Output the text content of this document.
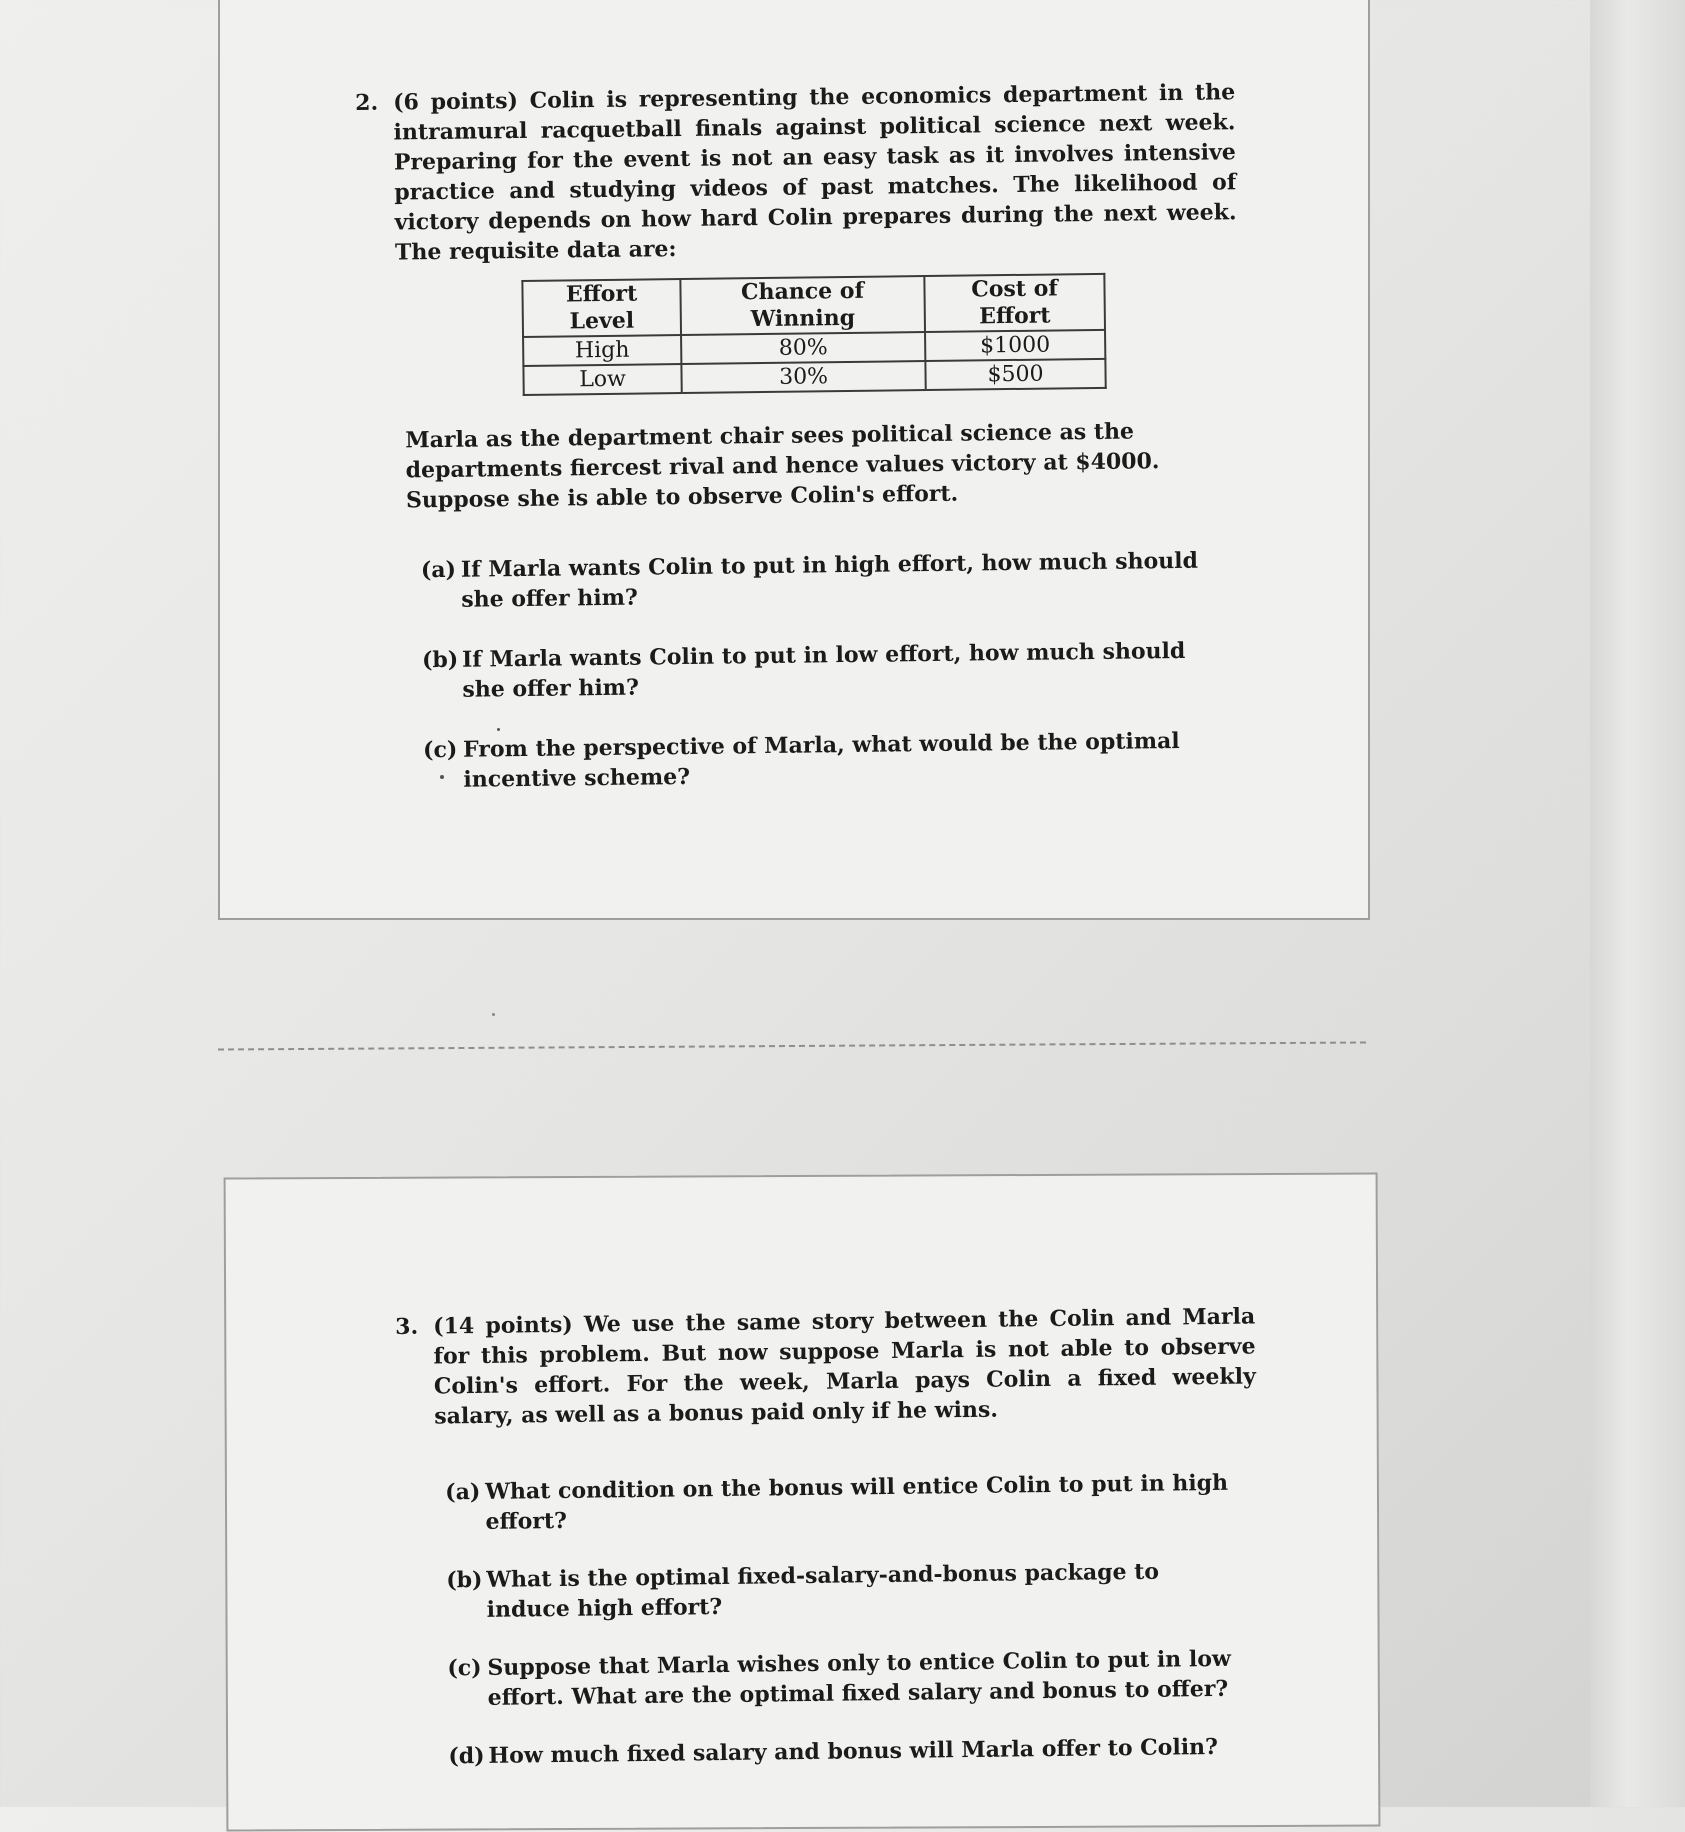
2. (6 points) Colin is representing the economics department in the intramural racquetball finals against political science next week. Preparing for the event is not an easy task as it involves intensive practice and studying videos of past matches. The likelihood of victory depends on how hard Colin prepares during the next week. The requisite data are:

Effort Level	Chance of Winning	Cost of Effort
High	80%	$1000
Low	30%	$500

Marla as the department chair sees political science as the departments fiercest rival and hence values victory at $4000. Suppose she is able to observe Colin's effort.

(a) If Marla wants Colin to put in high effort, how much should she offer him?
(b) If Marla wants Colin to put in low effort, how much should she offer him?
(c) From the perspective of Marla, what would be the optimal incentive scheme?
3. (14 points) We use the same story between the Colin and Marla for this problem. But now suppose Marla is not able to observe Colin's effort. For the week, Marla pays Colin a fixed weekly salary, as well as a bonus paid only if he wins.

(a) What condition on the bonus will entice Colin to put in high effort?
(b) What is the optimal fixed-salary-and-bonus package to induce high effort?
(c) Suppose that Marla wishes only to entice Colin to put in low effort. What are the optimal fixed salary and bonus to offer?
(d) How much fixed salary and bonus will Marla offer to Colin?
